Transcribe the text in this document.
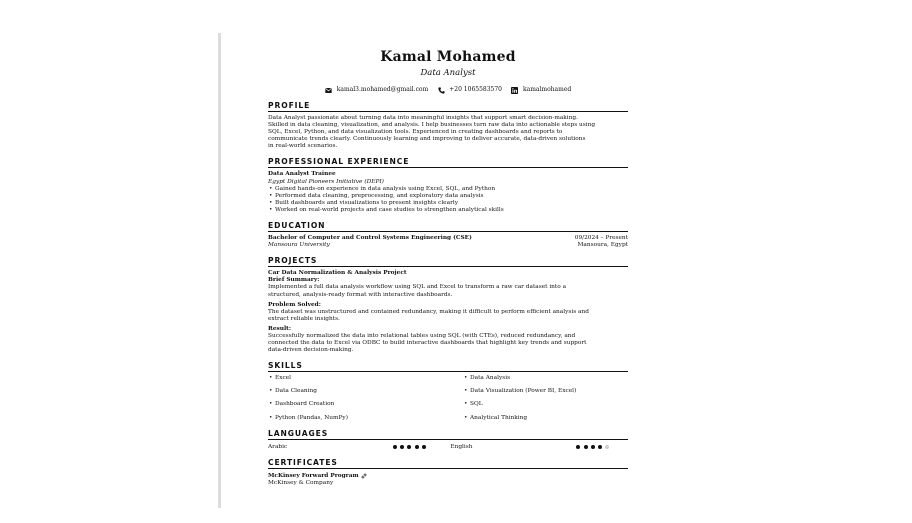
Kamal Mohamed
Data Analyst
kamal3.mohamed@gmail.com	+20 1065583570	kamalmohamed
PROFILE
Data Analyst passionate about turning data into meaningful insights that support smart decision-making.
Skilled in data cleaning, visualization, and analysis. I help businesses turn raw data into actionable steps using
SQL, Excel, Python, and data visualization tools. Experienced in creating dashboards and reports to
communicate trends clearly. Continuously learning and improving to deliver accurate, data-driven solutions
in real-world scenarios.
PROFESSIONAL EXPERIENCE
Data Analyst Trainee
Egypt Digital Pioneers Initiative (DEPI)
• Gained hands-on experience in data analysis using Excel, SQL, and Python
• Performed data cleaning, preprocessing, and exploratory data analysis
• Built dashboards and visualizations to present insights clearly
• Worked on real-world projects and case studies to strengthen analytical skills
EDUCATION
Bachelor of Computer and Control Systems Engineering (CSE)	09/2024 – Present
Mansoura University	Mansoura, Egypt
PROJECTS
Car Data Normalization & Analysis Project
Brief Summary:
Implemented a full data analysis workflow using SQL and Excel to transform a raw car dataset into a
structured, analysis-ready format with interactive dashboards.
Problem Solved:
The dataset was unstructured and contained redundancy, making it difficult to perform efficient analysis and
extract reliable insights.
Result:
Successfully normalized the data into relational tables using SQL (with CTEs), reduced redundancy, and
connected the data to Excel via ODBC to build interactive dashboards that highlight key trends and support
data-driven decision-making.
SKILLS
• Excel	• Data Analysis
• Data Cleaning	• Data Visualization (Power BI, Excel)
• Dashboard Creation	• SQL
• Python (Pandas, NumPy)	• Analytical Thinking
LANGUAGES
Arabic	English
CERTIFICATES
McKinsey Forward Program
McKinsey & Company
